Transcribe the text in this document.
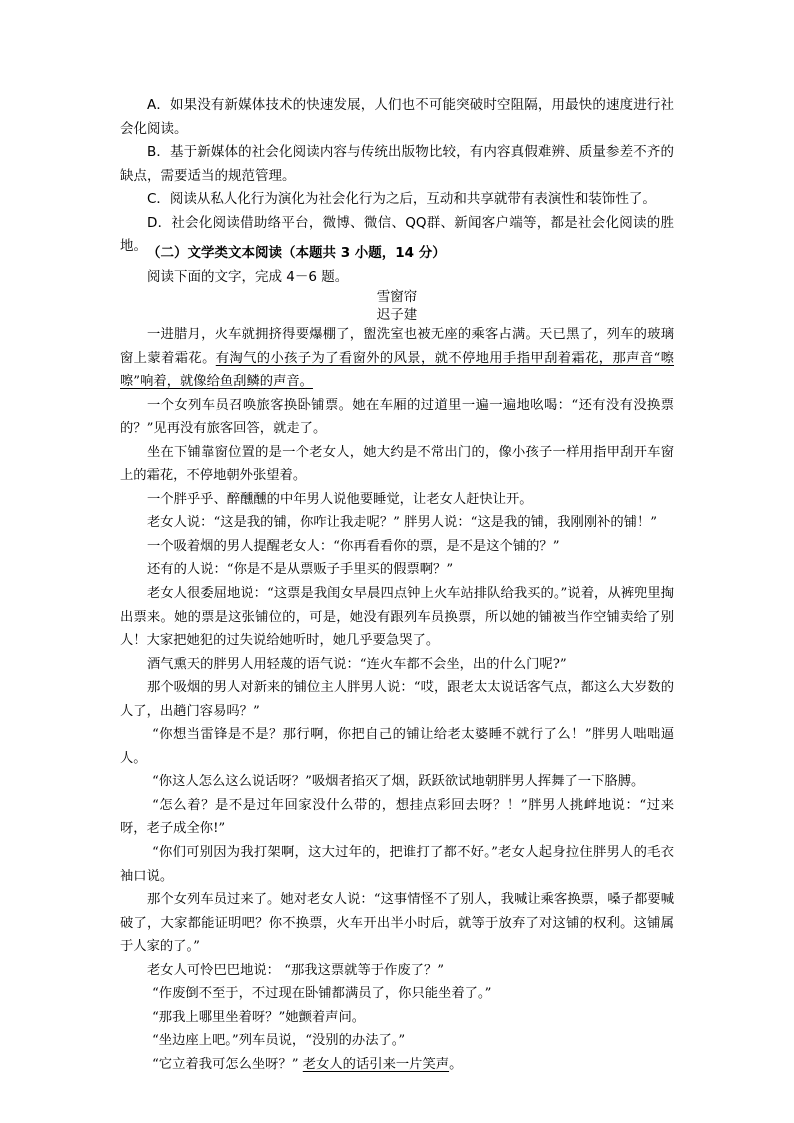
A．如果没有新媒体技术的快速发展，人们也不可能突破时空阻隔，用最快的速度进行社会化阅读。

B．基于新媒体的社会化阅读内容与传统出版物比较，有内容真假难辨、质量参差不齐的缺点，需要适当的规范管理。

C．阅读从私人化行为演化为社会化行为之后，互动和共享就带有表演性和装饰性了。

D．社会化阅读借助络平台，微博、微信、QQ群、新闻客户端等，都是社会化阅读的胜地。 （二）文学类文本阅读（本题共 3 小题，14 分）

阅读下面的文字，完成 4－6 题。

雪窗帘

迟子建

一进腊月，火车就拥挤得要爆棚了，盥洗室也被无座的乘客占满。天已黑了，列车的玻璃窗上蒙着霜花。有淘气的小孩子为了看窗外的风景，就不停地用手指甲刮着霜花，那声音“嚓嚓”响着，就像给鱼刮鳞的声音。

一个女列车员召唤旅客换卧铺票。她在车厢的过道里一遍一遍地吆喝：“还有没有没换票的？”见再没有旅客回答，就走了。

坐在下铺靠窗位置的是一个老女人，她大约是不常出门的，像小孩子一样用指甲刮开车窗上的霜花，不停地朝外张望着。

一个胖乎乎、醉醺醺的中年男人说他要睡觉，让老女人赶快让开。

老女人说：“这是我的铺，你咋让我走呢？” 胖男人说：“这是我的铺，我刚刚补的铺！”

一个吸着烟的男人提醒老女人：“你再看看你的票，是不是这个铺的？”

还有的人说：“你是不是从票贩子手里买的假票啊？”

老女人很委屈地说：“这票是我闺女早晨四点钟上火车站排队给我买的。”说着，从裤兜里掏出票来。她的票是这张铺位的，可是，她没有跟列车员换票，所以她的铺被当作空铺卖给了别人！大家把她犯的过失说给她听时，她几乎要急哭了。

酒气熏天的胖男人用轻蔑的语气说：“连火车都不会坐，出的什么门呢?”

那个吸烟的男人对新来的铺位主人胖男人说：“哎，跟老太太说话客气点，都这么大岁数的人了，出趟门容易吗？”

“你想当雷锋是不是？那行啊，你把自己的铺让给老太婆睡不就行了么！”胖男人咄咄逼人。

“你这人怎么这么说话呀？”吸烟者掐灭了烟，跃跃欲试地朝胖男人挥舞了一下胳膊。

“怎么着？是不是过年回家没什么带的，想挂点彩回去呀？！”胖男人挑衅地说：“过来呀，老子成全你!”

“你们可别因为我打架啊，这大过年的，把谁打了都不好。”老女人起身拉住胖男人的毛衣袖口说。

那个女列车员过来了。她对老女人说：“这事情怪不了别人，我喊让乘客换票，嗓子都要喊破了，大家都能证明吧？你不换票，火车开出半小时后，就等于放弃了对这铺的权利。这铺属于人家的了。”

老女人可怜巴巴地说： “那我这票就等于作废了？”

“作废倒不至于，不过现在卧铺都满员了，你只能坐着了。”

“那我上哪里坐着呀？”她颤着声问。

“坐边座上吧。”列车员说，“没别的办法了。”

“它立着我可怎么坐呀？” 老女人的话引来一片笑声。
